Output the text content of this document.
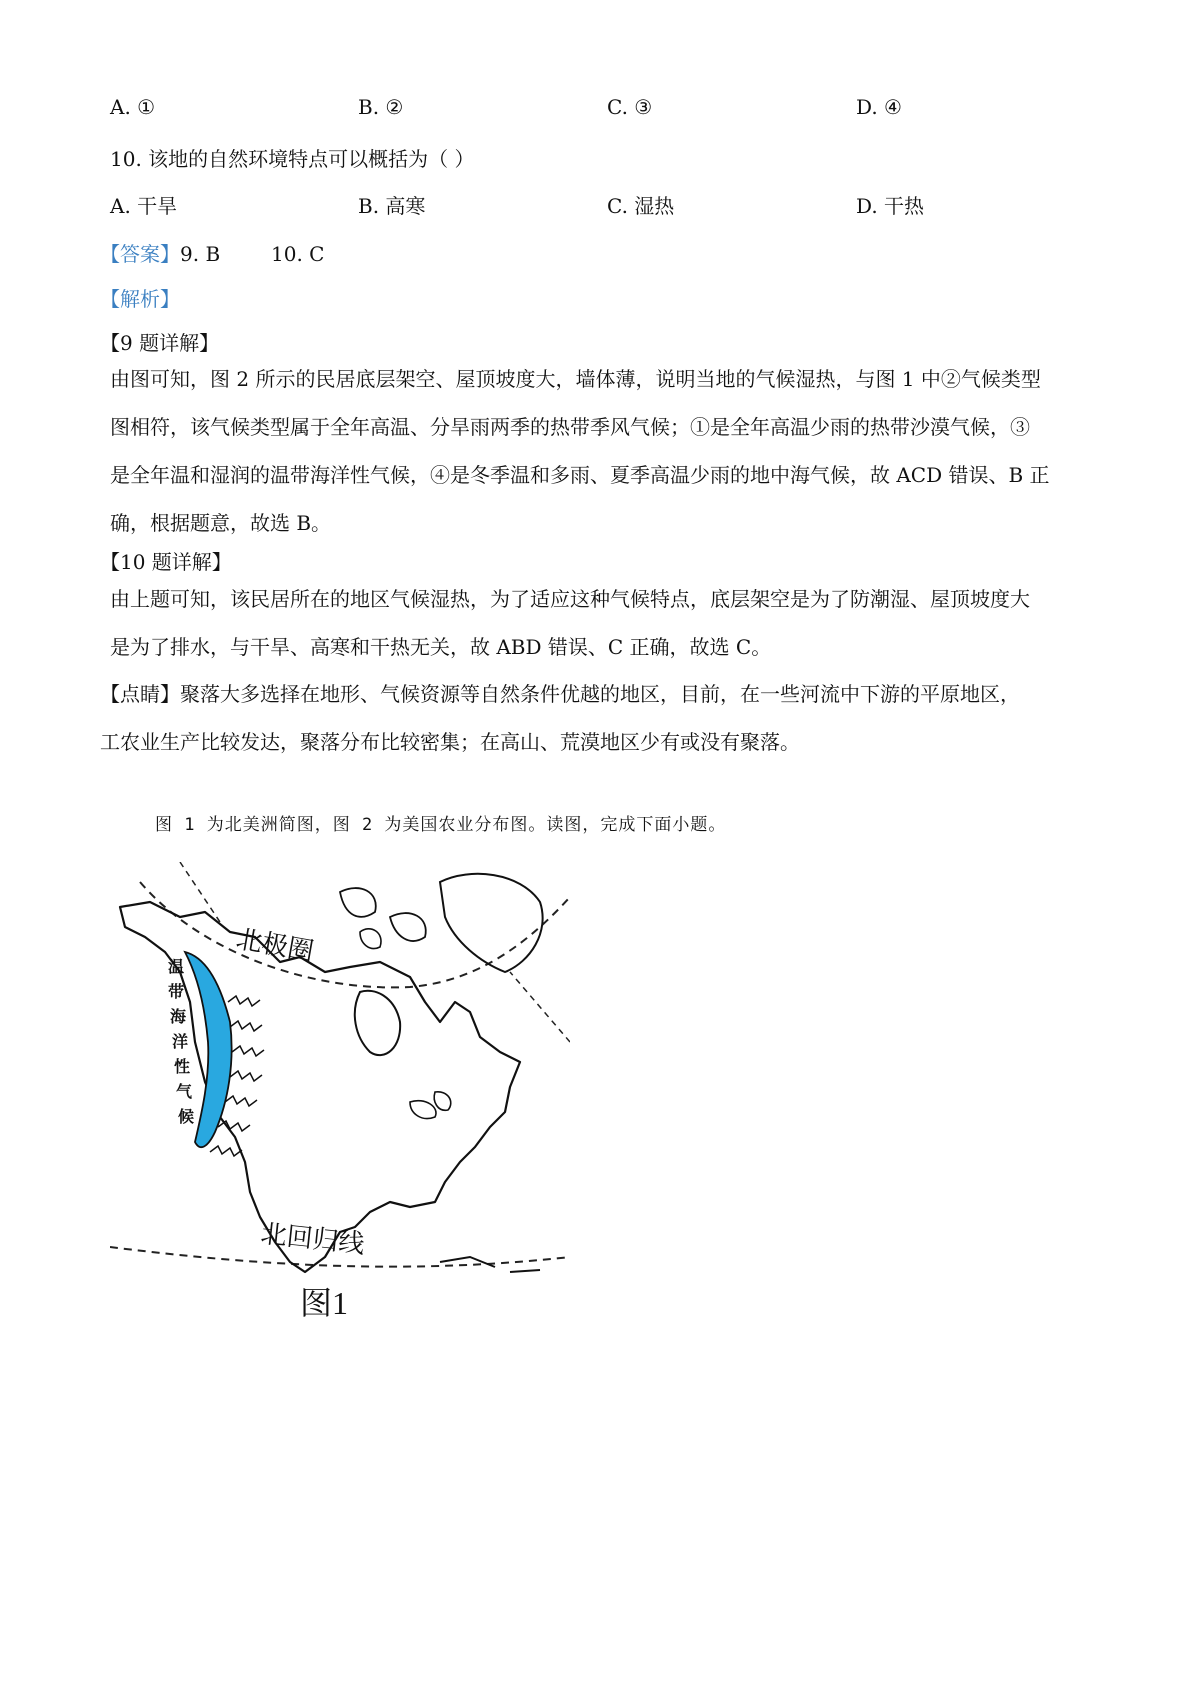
A. ①	B. ②	C. ③	D. ④
10. 该地的自然环境特点可以概括为（ ）
A. 干旱	B. 高寒	C. 湿热	D. 干热
【答案】9. B        10. C
【解析】
【9 题详解】
由图可知，图 2 所示的民居底层架空、屋顶坡度大，墙体薄，说明当地的气候湿热，与图 1 中②气候类型
图相符，该气候类型属于全年高温、分旱雨两季的热带季风气候；①是全年高温少雨的热带沙漠气候，③
是全年温和湿润的温带海洋性气候，④是冬季温和多雨、夏季高温少雨的地中海气候，故 ACD 错误、B 正
确，根据题意，故选 B。
【10 题详解】
由上题可知，该民居所在的地区气候湿热，为了适应这种气候特点，底层架空是为了防潮湿、屋顶坡度大
是为了排水，与干旱、高寒和干热无关，故 ABD 错误、C 正确，故选 C。
【点睛】聚落大多选择在地形、气候资源等自然条件优越的地区，目前，在一些河流中下游的平原地区，
工农业生产比较发达，聚落分布比较密集；在高山、荒漠地区少有或没有聚落。
图 1 为北美洲简图，图 2 为美国农业分布图。读图，完成下面小题。
北极圈
北回归线
温
带
海
洋
性
气
候
图1
